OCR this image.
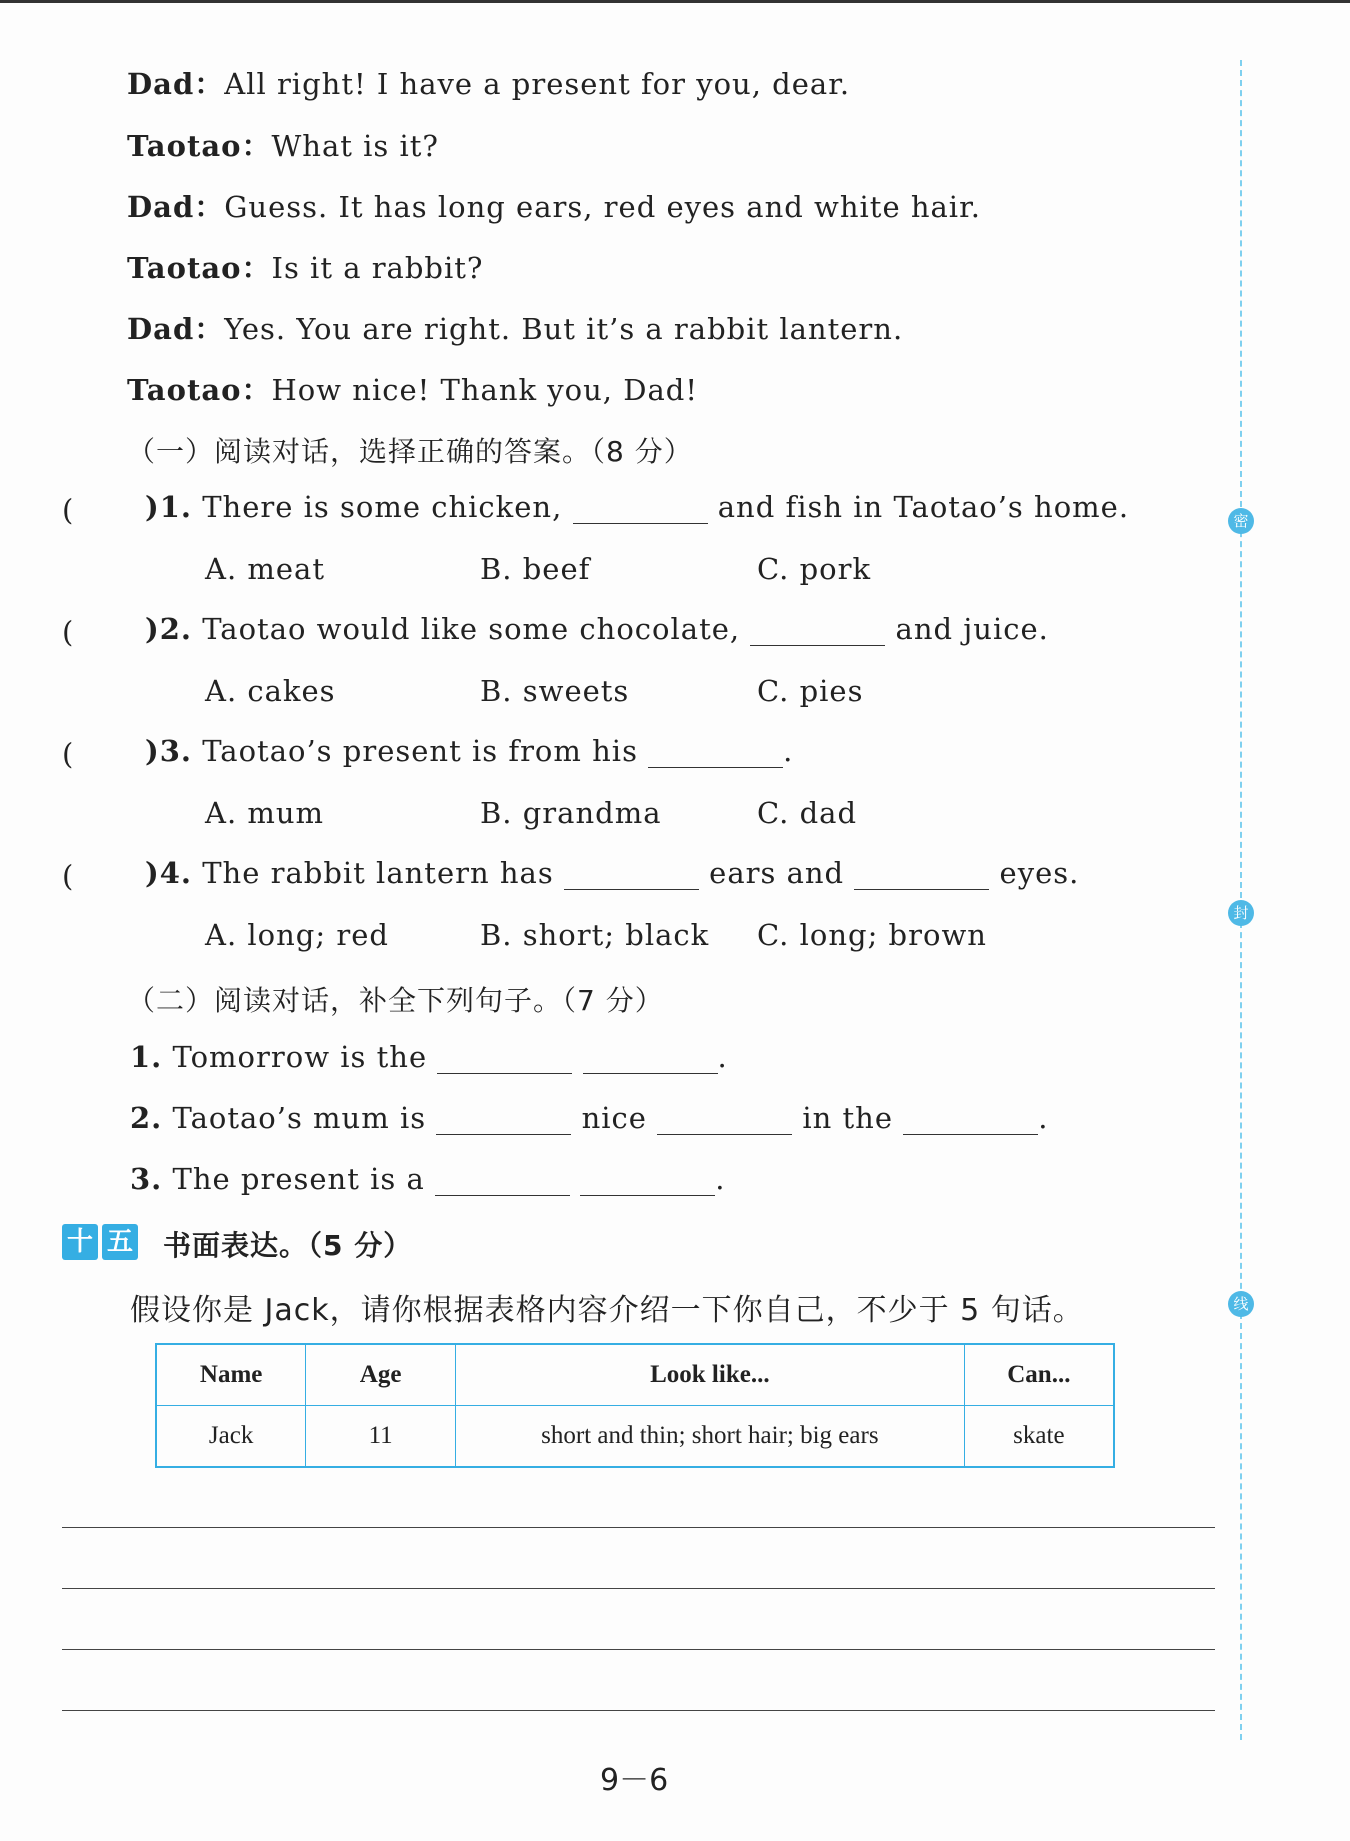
Dad：All right! I have a present for you, dear.
Taotao：What is it?
Dad：Guess. It has long ears, red eyes and white hair.
Taotao：Is it a rabbit?
Dad：Yes. You are right. But it’s a rabbit lantern.
Taotao：How nice! Thank you, Dad!
（一）阅读对话，选择正确的答案。（8 分）
( )1. There is some chicken,	and fish in Taotao’s home.
A. meat	B. beef	C. pork
( )2. Taotao would like some chocolate,	and juice.
A. cakes	B. sweets	C. pies
( )3. Taotao’s present is from his	.
A. mum	B. grandma	C. dad
( )4. The rabbit lantern has	ears and	eyes.
A. long; red	B. short; black C. long; brown
（二）阅读对话，补全下列句子。（7 分）
1. Tomorrow is the	.
2. Taotao’s mum is	nice	in the	.
3. The present is a	.
十 五 书面表达。（5 分）
假设你是 Jack，请你根据表格内容介绍一下你自己，不少于 5 句话。
Name	Age	Look like...	Can...
Jack	11	short and thin; short hair; big ears	skate
密
封
线
9－6
